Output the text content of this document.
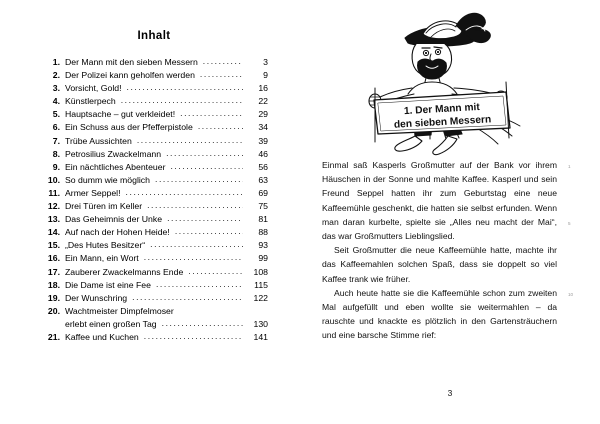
Inhalt
1 . Der Mann mit den sieben Messern .....	3
2 . Der Polizei kann geholfen werden .....	9
3 . Vorsicht, Gold! .....	16
4 . Künstlerpech .....	22
5 . Hauptsache – gut verkleidet! .....	29
6 . Ein Schuss aus der Pfefferpistole .....	34
7 . Trübe Aussichten .....	39
8 . Petrosilius Zwackelmann .....	46
9 . Ein nächtliches Abenteuer .....	56
10 . So dumm wie möglich .....	63
11 . Armer Seppel! .....	69
12 . Drei Türen im Keller .....	75
13 . Das Geheimnis der Unke .....	81
14 . Auf nach der Hohen Heide! .....	88
15 . „Des Hutes Besitzer“ .....	93
16 . Ein Mann, ein Wort .....	99
17 . Zauberer Zwackelmanns Ende .....	108
18 . Die Dame ist eine Fee .....	115
19 . Der Wunschring .....	122
20 . Wachtmeister Dimpfelmoser
erlebt einen großen Tag .....	130
21 . Kaffee und Kuchen .....	141
1. Der Mann mit
den sieben Messern

Einmal saß Kasperls Großmutter auf der Bank vor ihrem Häuschen in der Sonne und mahlte Kaffee. Kasperl und sein Freund Seppel hatten ihr zum Geburtstag eine neue Kaffeemühle geschenkt, die hatten sie selbst erfunden. Wenn man daran kurbelte, spielte sie „Alles neu macht der Mai“, das war Großmutters Lieblingslied.

Seit Großmutter die neue Kaffeemühle hatte, machte ihr das Kaffeemahlen solchen Spaß, dass sie doppelt so viel Kaffee trank wie früher.

Auch heute hatte sie die Kaffeemühle schon zum zweiten Mal aufgefüllt und eben wollte sie weitermahlen – da rauschte und knackte es plötzlich in den Gartensträuchern und eine barsche Stimme rief:

1
5
10
3
